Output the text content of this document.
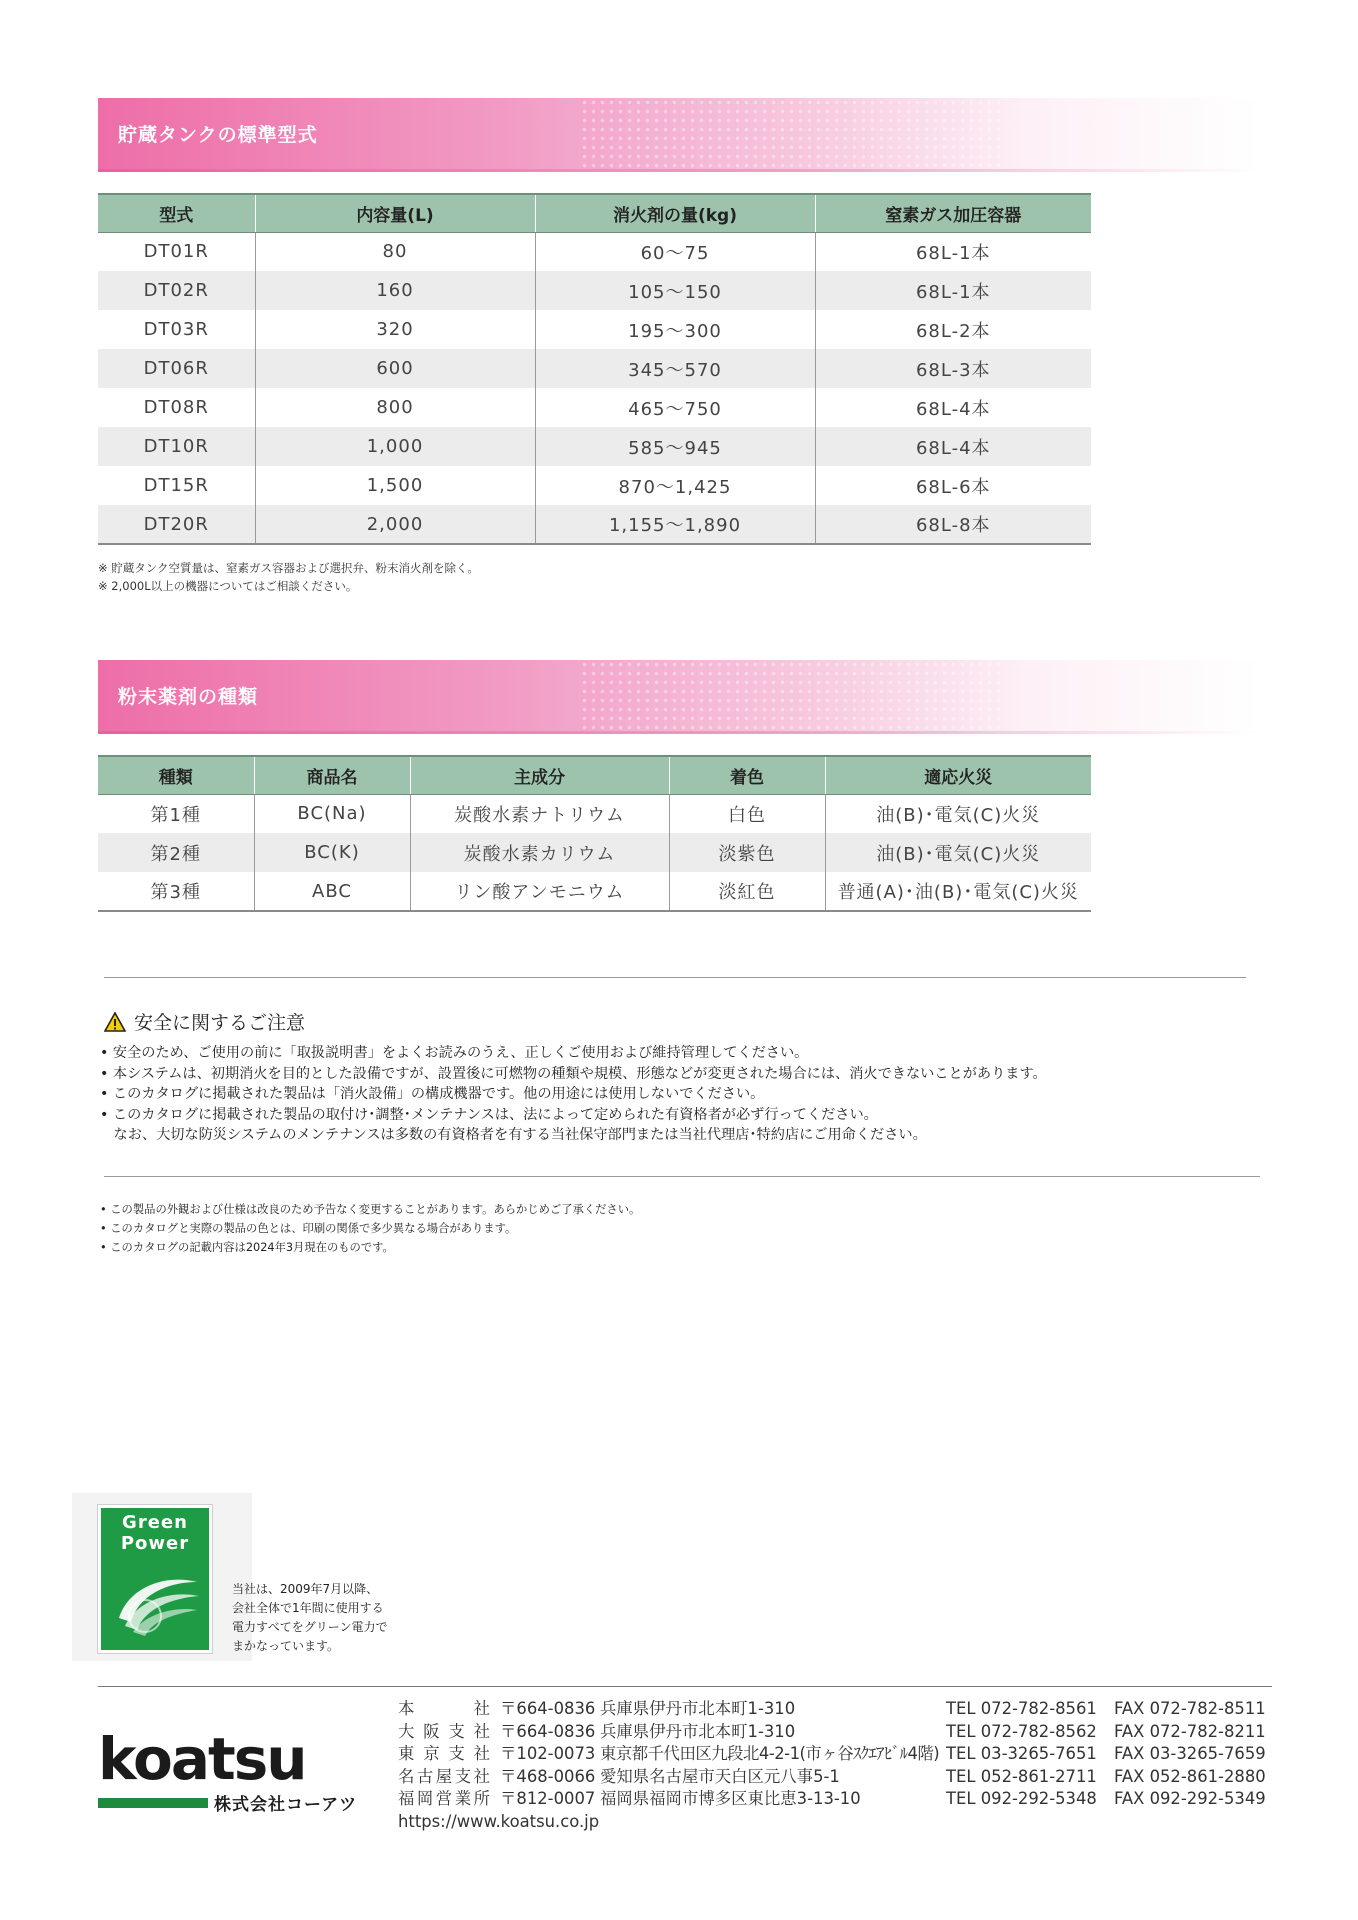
貯蔵タンクの標準型式
型式	内容量(L)	消火剤の量(kg)	窒素ガス加圧容器
DT01R	80	60～75	68L-1本
DT02R	160	105～150	68L-1本
DT03R	320	195～300	68L-2本
DT06R	600	345～570	68L-3本
DT08R	800	465～750	68L-4本
DT10R	1,000	585～945	68L-4本
DT15R	1,500	870～1,425	68L-6本
DT20R	2,000	1,155～1,890	68L-8本
※ 貯蔵タンク空質量は、窒素ガス容器および選択弁、粉末消火剤を除く。
※ 2,000L以上の機器についてはご相談ください。
粉末薬剤の種類
種類	商品名	主成分	着色	適応火災
第1種	BC(Na)	炭酸水素ナトリウム	白色	油(B)･電気(C)火災
第2種	BC(K)	炭酸水素カリウム	淡紫色	油(B)･電気(C)火災
第3種	ABC	リン酸アンモニウム	淡紅色	普通(A)･油(B)･電気(C)火災
安全に関するご注意
• 安全のため、ご使用の前に「取扱説明書」をよくお読みのうえ、正しくご使用および維持管理してください。
• 本システムは、初期消火を目的とした設備ですが、設置後に可燃物の種類や規模、形態などが変更された場合には、消火できないことがあります。
• このカタログに掲載された製品は「消火設備」の構成機器です。他の用途には使用しないでください。
• このカタログに掲載された製品の取付け･調整･メンテナンスは、法によって定められた有資格者が必ず行ってください。
なお、大切な防災システムのメンテナンスは多数の有資格者を有する当社保守部門または当社代理店･特約店にご用命ください。
• この製品の外観および仕様は改良のため予告なく変更することがあります。あらかじめご了承ください。
• このカタログと実際の製品の色とは、印刷の関係で多少異なる場合があります。
• このカタログの記載内容は2024年3月現在のものです。
Green
Power
当社は、2009年7月以降、
会社全体で1年間に使用する
電力すべてをグリーン電力で
まかなっています。
koatsu
株式会社コーアツ
本社 〒664-0836 兵庫県伊丹市北本町1-310
大阪支社 〒664-0836 兵庫県伊丹市北本町1-310
東京支社 〒102-0073 東京都千代田区九段北4-2-1(市ヶ谷ｽｸｴｱﾋﾞﾙ4階)
名古屋支社 〒468-0066 愛知県名古屋市天白区元八事5-1
福岡営業所 〒812-0007 福岡県福岡市博多区東比恵3-13-10
https://www.koatsu.co.jp
TEL 072-782-8561	FAX 072-782-8511
TEL 072-782-8562	FAX 072-782-8211
TEL 03-3265-7651	FAX 03-3265-7659
TEL 052-861-2711	FAX 052-861-2880
TEL 092-292-5348	FAX 092-292-5349
